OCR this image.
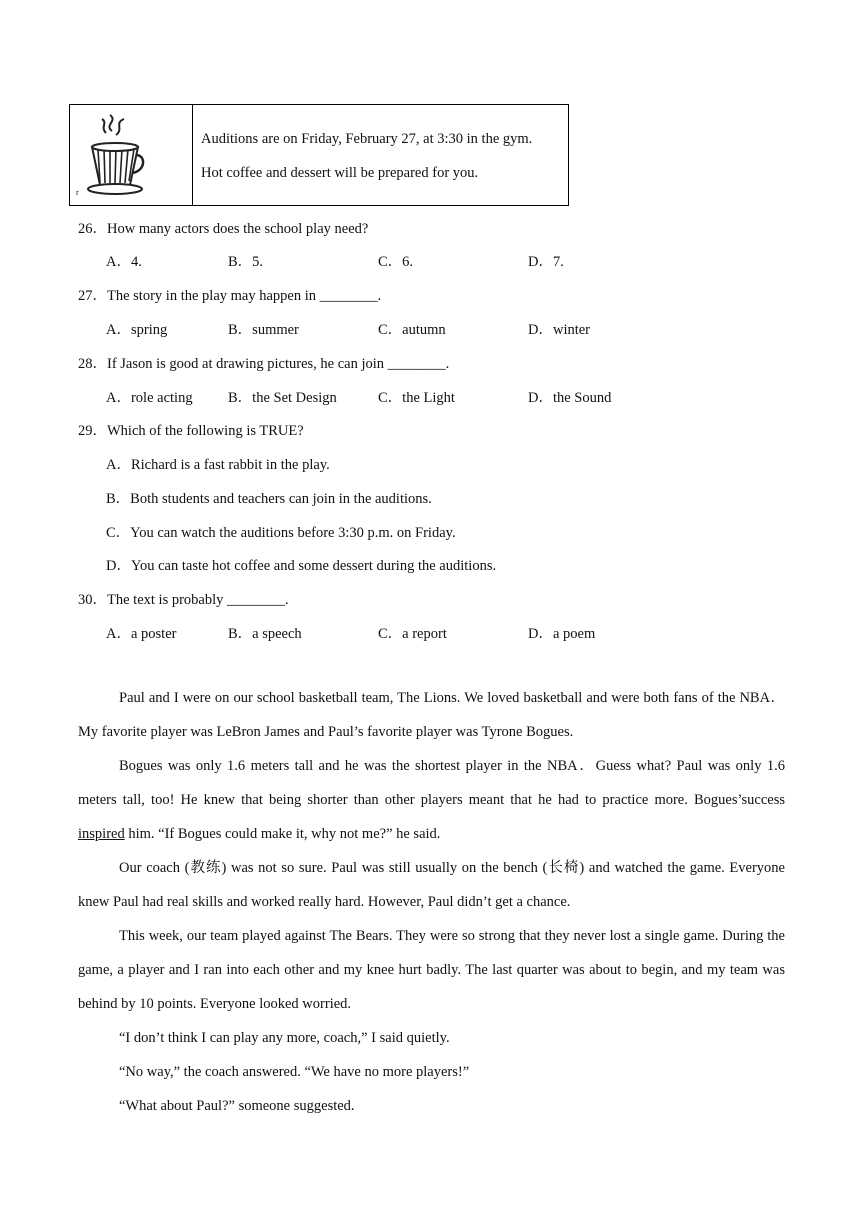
r
Auditions are on Friday, February 27, at 3:30 in the gym.
Hot coffee and dessert will be prepared for you.
26．How many actors does the school play need?
A．4.	B．5.	C．6.	D．7.
27．The story in the play may happen in ________.
A．spring	B．summer	C．autumn	D．winter
28．If Jason is good at drawing pictures, he can join ________.
A．role acting B．the Set Design	C．the Light	D．the Sound
29．Which of the following is TRUE?
A．Richard is a fast rabbit in the play.
B．Both students and teachers can join in the auditions.
C．You can watch the auditions before 3:30 p.m. on Friday.
D．You can taste hot coffee and some dessert during the auditions.
30．The text is probably ________.
A．a poster	B．a speech	C．a report	D．a poem

Paul and I were on our school basketball team, The Lions. We loved basketball and were both fans of the NBA．My favorite player was LeBron James and Paul’s favorite player was Tyrone Bogues.

Bogues was only 1.6 meters tall and he was the shortest player in the NBA．Guess what? Paul was only 1.6 meters tall, too! He knew that being shorter than other players meant that he had to practice more. Bogues’success inspired him. “If Bogues could make it, why not me?” he said.

Our coach (教练) was not so sure. Paul was still usually on the bench (长椅) and watched the game. Everyone knew Paul had real skills and worked really hard. However, Paul didn’t get a chance.

This week, our team played against The Bears. They were so strong that they never lost a single game. During the game, a player and I ran into each other and my knee hurt badly. The last quarter was about to begin, and my team was behind by 10 points. Everyone looked worried.

“I don’t think I can play any more, coach,” I said quietly.

“No way,” the coach answered. “We have no more players!”

“What about Paul?” someone suggested.
